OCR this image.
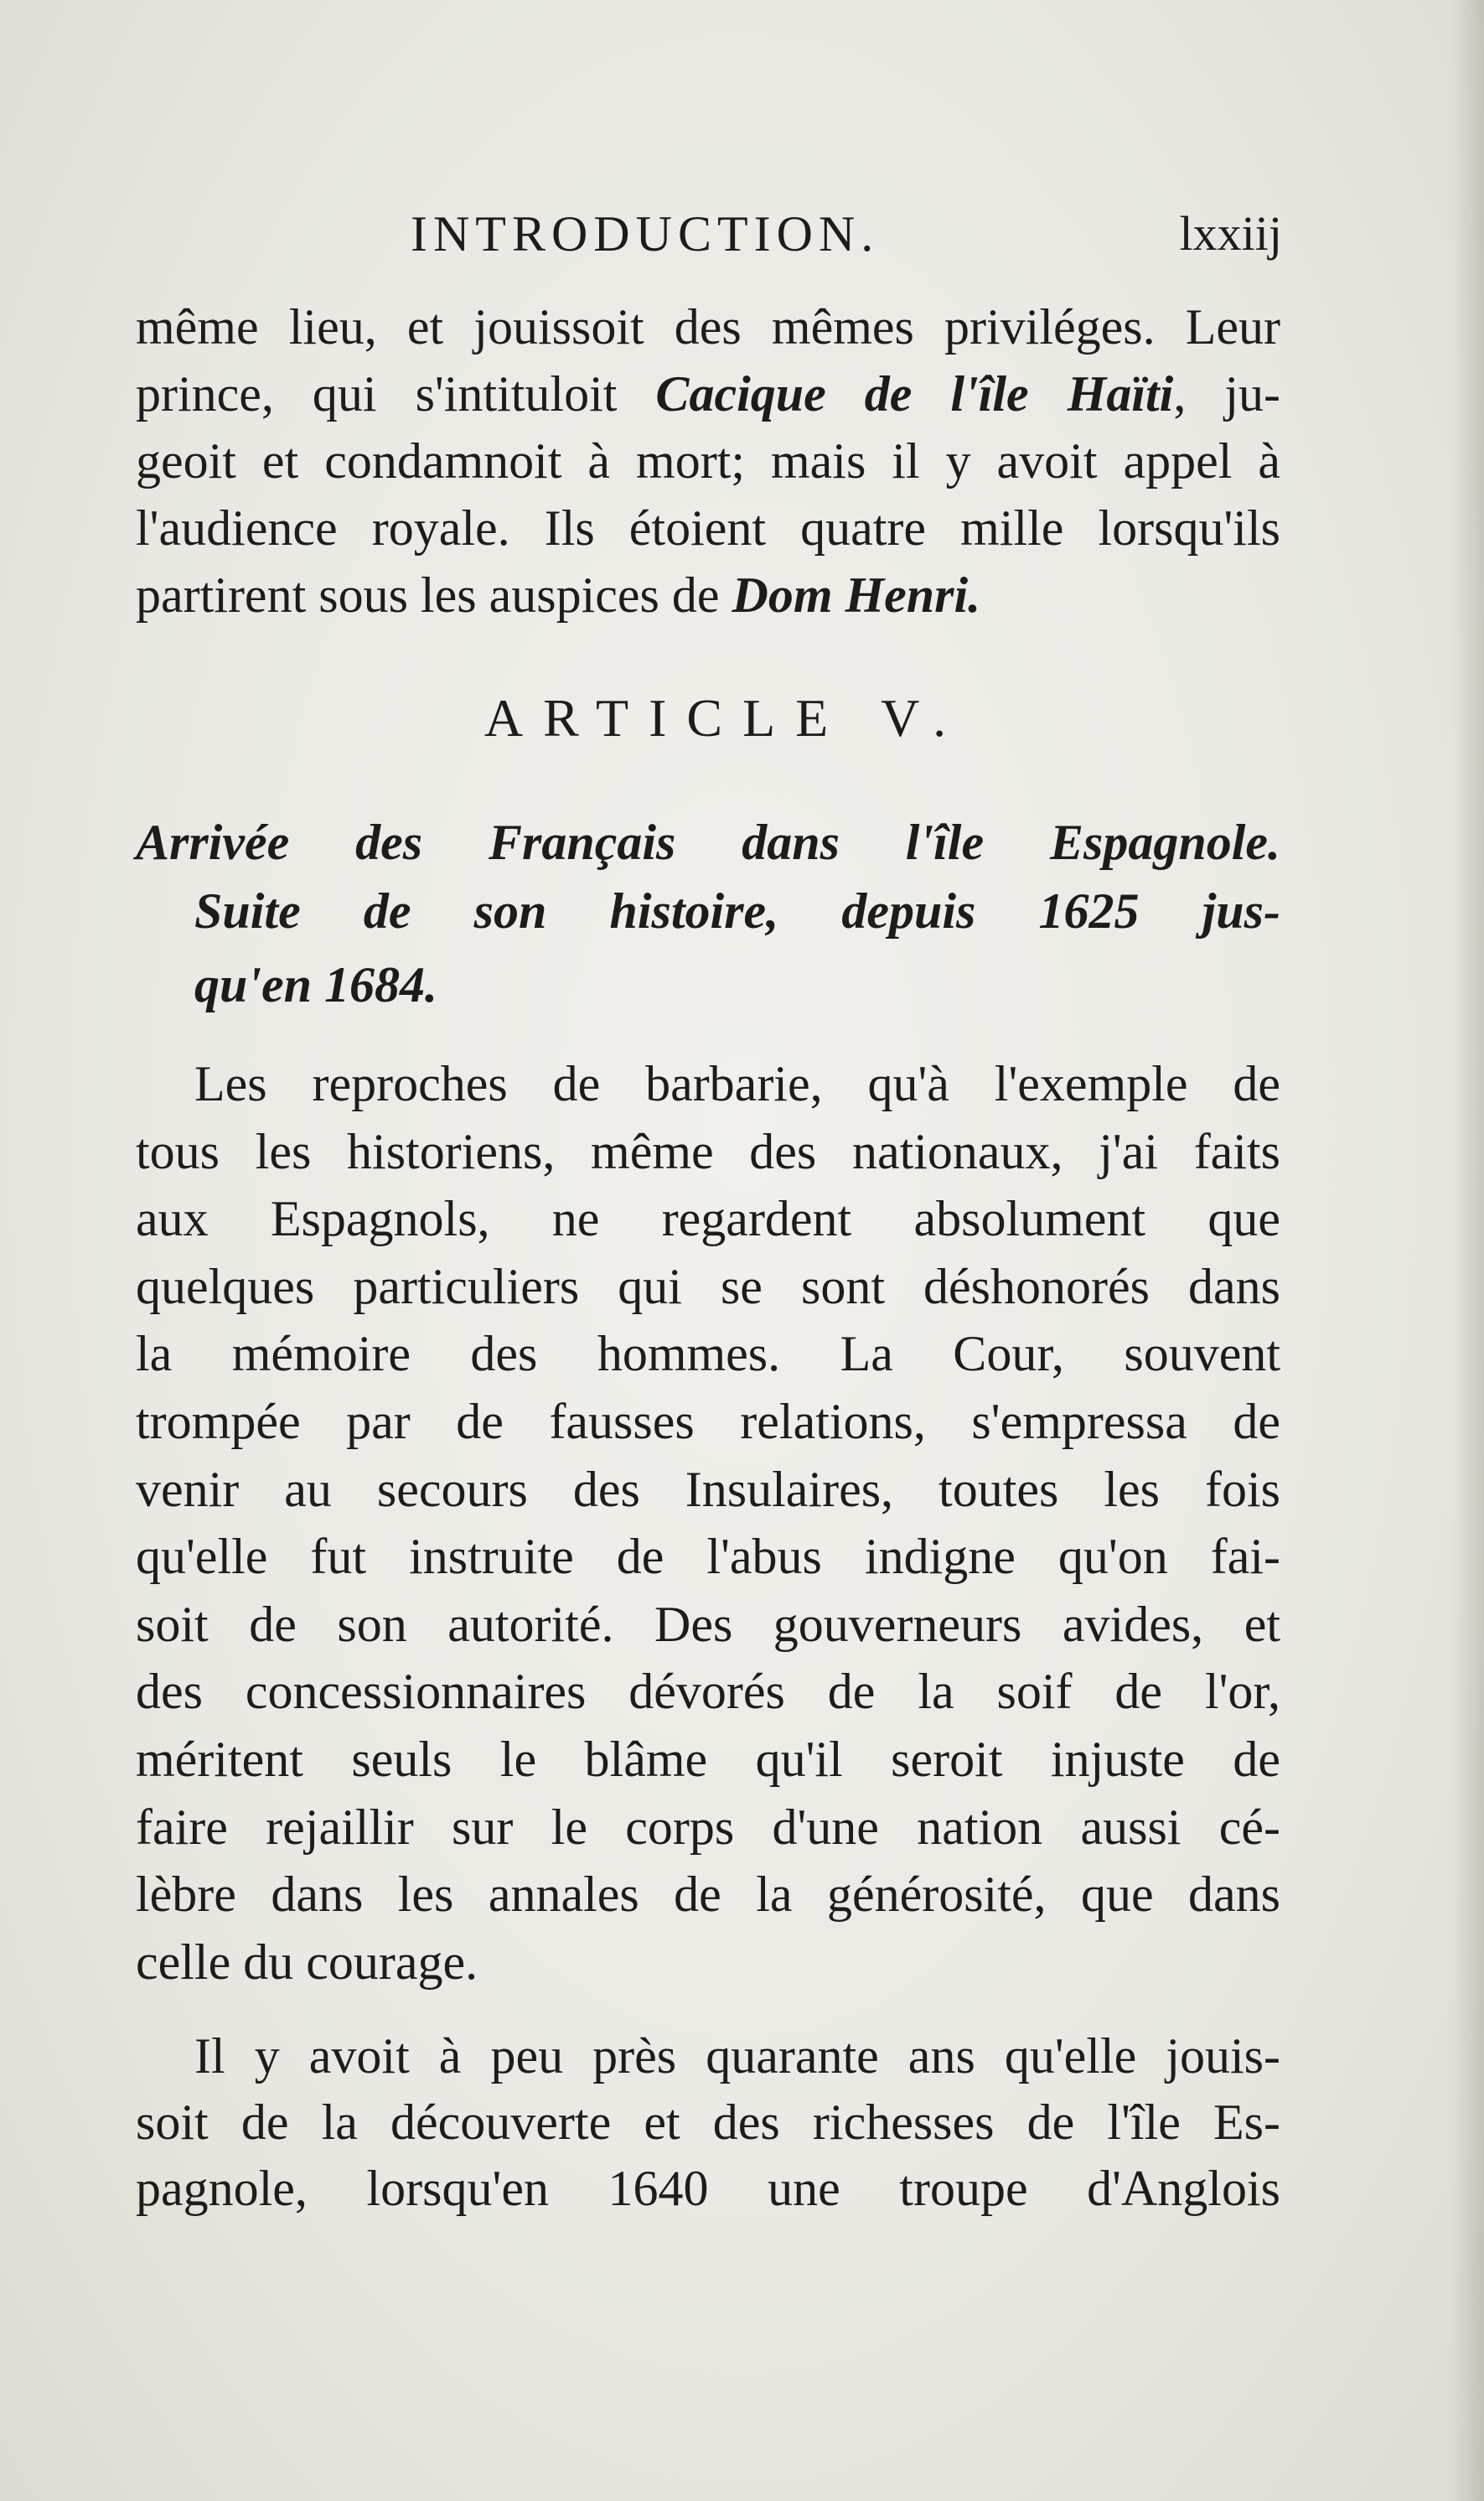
INTRODUCTION.	lxxiij
même lieu, et jouissoit des mêmes priviléges. Leur
prince, qui s'intituloit Cacique de l'île Haïti, ju-
geoit et condamnoit à mort; mais il y avoit appel à
l'audience royale. Ils étoient quatre mille lorsqu'ils
partirent sous les auspices de Dom Henri.
ARTICLE V.
Arrivée des Français dans l'île Espagnole.
Suite de son histoire, depuis 1625 jus-
qu'en 1684.
Les reproches de barbarie, qu'à l'exemple de
tous les historiens, même des nationaux, j'ai faits
aux Espagnols, ne regardent absolument que
quelques particuliers qui se sont déshonorés dans
la mémoire des hommes. La Cour, souvent
trompée par de fausses relations, s'empressa de
venir au secours des Insulaires, toutes les fois
qu'elle fut instruite de l'abus indigne qu'on fai-
soit de son autorité. Des gouverneurs avides, et
des concessionnaires dévorés de la soif de l'or,
méritent seuls le blâme qu'il seroit injuste de
faire rejaillir sur le corps d'une nation aussi cé-
lèbre dans les annales de la générosité, que dans
celle du courage.
Il y avoit à peu près quarante ans qu'elle jouis-
soit de la découverte et des richesses de l'île Es-
pagnole, lorsqu'en 1640 une troupe d'Anglois
